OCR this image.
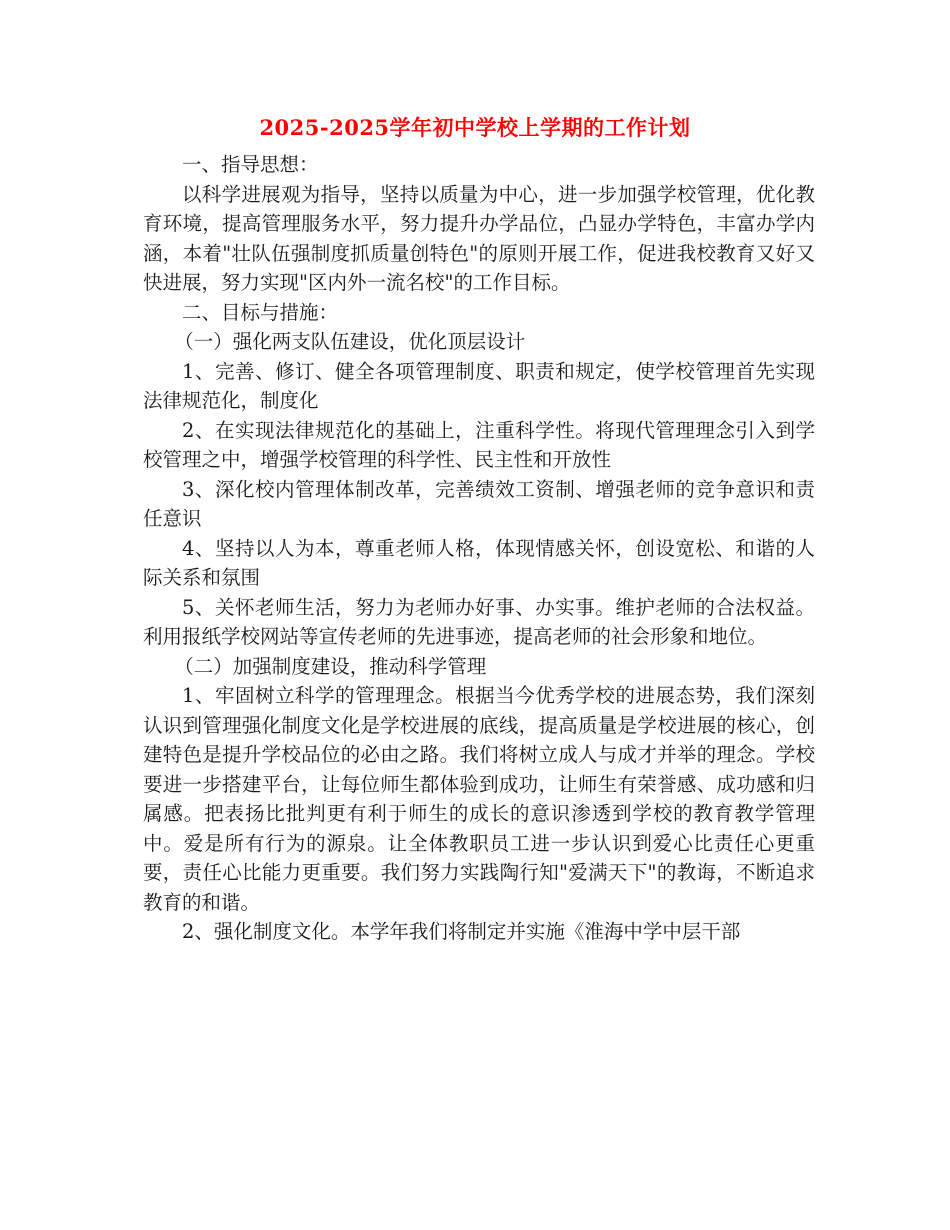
2025-2025学年初中学校上学期的工作计划

一、指导思想：

以科学进展观为指导，坚持以质量为中心，进一步加强学校管理，优化教育环境，提高管理服务水平，努力提升办学品位，凸显办学特色，丰富办学内涵，本着"壮队伍强制度抓质量创特色"的原则开展工作，促进我校教育又好又快进展，努力实现"区内外一流名校"的工作目标。

二、目标与措施：

（一）强化两支队伍建设，优化顶层设计

1、完善、修订、健全各项管理制度、职责和规定，使学校管理首先实现法律规范化，制度化

2、在实现法律规范化的基础上，注重科学性。将现代管理理念引入到学校管理之中，增强学校管理的科学性、民主性和开放性

3、深化校内管理体制改革，完善绩效工资制、增强老师的竞争意识和责任意识

4、坚持以人为本，尊重老师人格，体现情感关怀，创设宽松、和谐的人际关系和氛围

5、关怀老师生活，努力为老师办好事、办实事。维护老师的合法权益。利用报纸学校网站等宣传老师的先进事迹，提高老师的社会形象和地位。

（二）加强制度建设，推动科学管理

1、牢固树立科学的管理理念。根据当今优秀学校的进展态势，我们深刻认识到管理强化制度文化是学校进展的底线，提高质量是学校进展的核心，创建特色是提升学校品位的必由之路。我们将树立成人与成才并举的理念。学校要进一步搭建平台，让每位师生都体验到成功，让师生有荣誉感、成功感和归属感。把表扬比批判更有利于师生的成长的意识渗透到学校的教育教学管理中。爱是所有行为的源泉。让全体教职员工进一步认识到爱心比责任心更重要，责任心比能力更重要。我们努力实践陶行知"爱满天下"的教诲，不断追求教育的和谐。

2、强化制度文化。本学年我们将制定并实施《淮海中学中层干部
